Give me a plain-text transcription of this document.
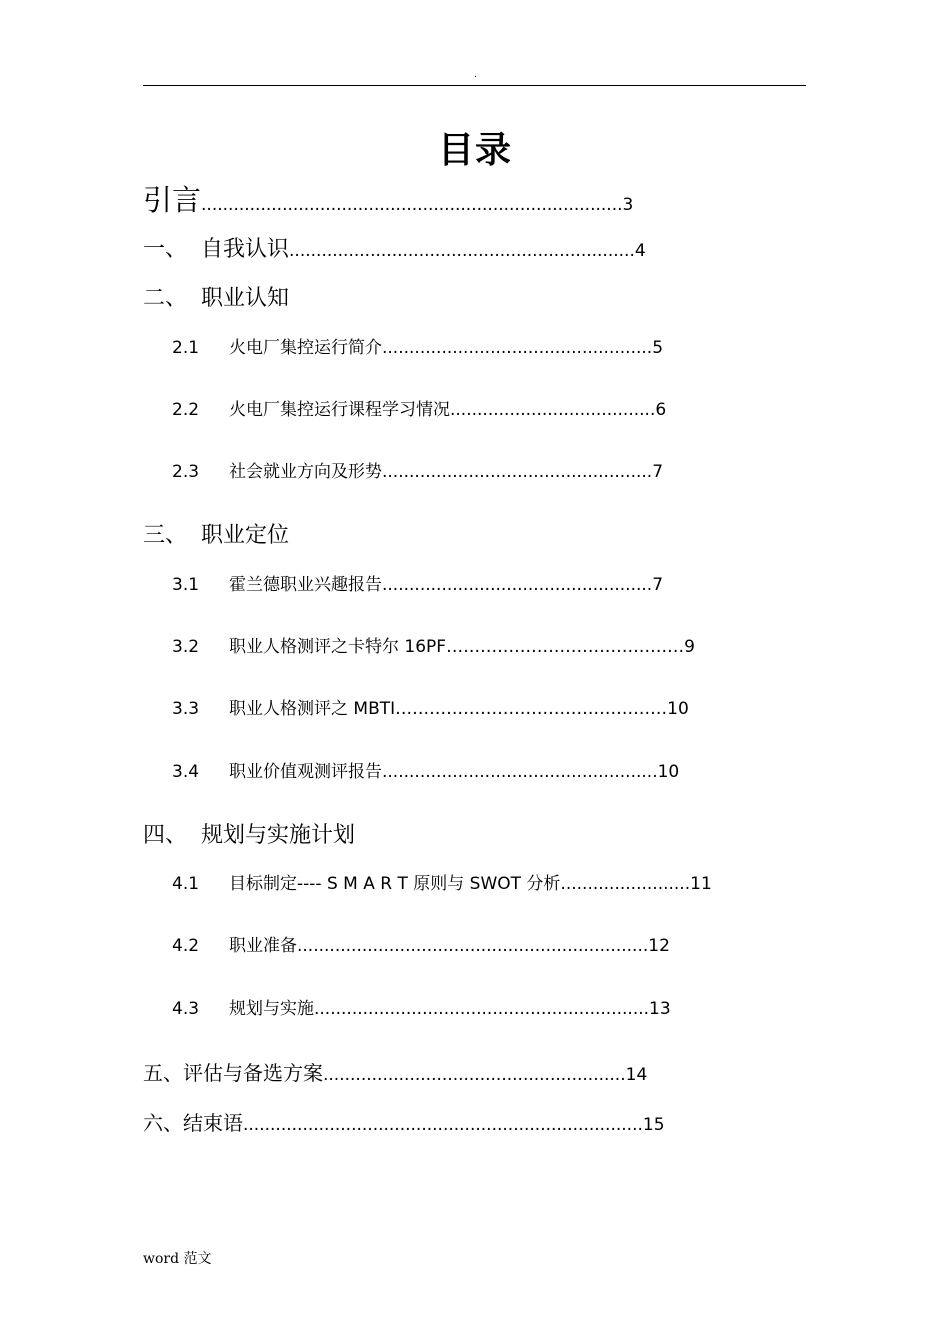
.
目录
引言..............................................................................3
一、 自我认识................................................................4
二、 职业认知
2.1 火电厂集控运行简介..................................................5
2.2 火电厂集控运行课程学习情况......................................6
2.3 社会就业方向及形势..................................................7
三、 职业定位
3.1 霍兰德职业兴趣报告..................................................7
3.2 职业人格测评之卡特尔 16PF……………………………………9
3.3 职业人格测评之 MBTI…………………………………………10
3.4 职业价值观测评报告...................................................10
四、 规划与实施计划
4.1 目标制定---- S M A R T 原则与 SWOT 分析........................11
4.2 职业准备.................................................................12
4.3 规划与实施..............................................................13
五、评估与备选方案........................................................14
六、结束语..........................................................................15
word 范文
